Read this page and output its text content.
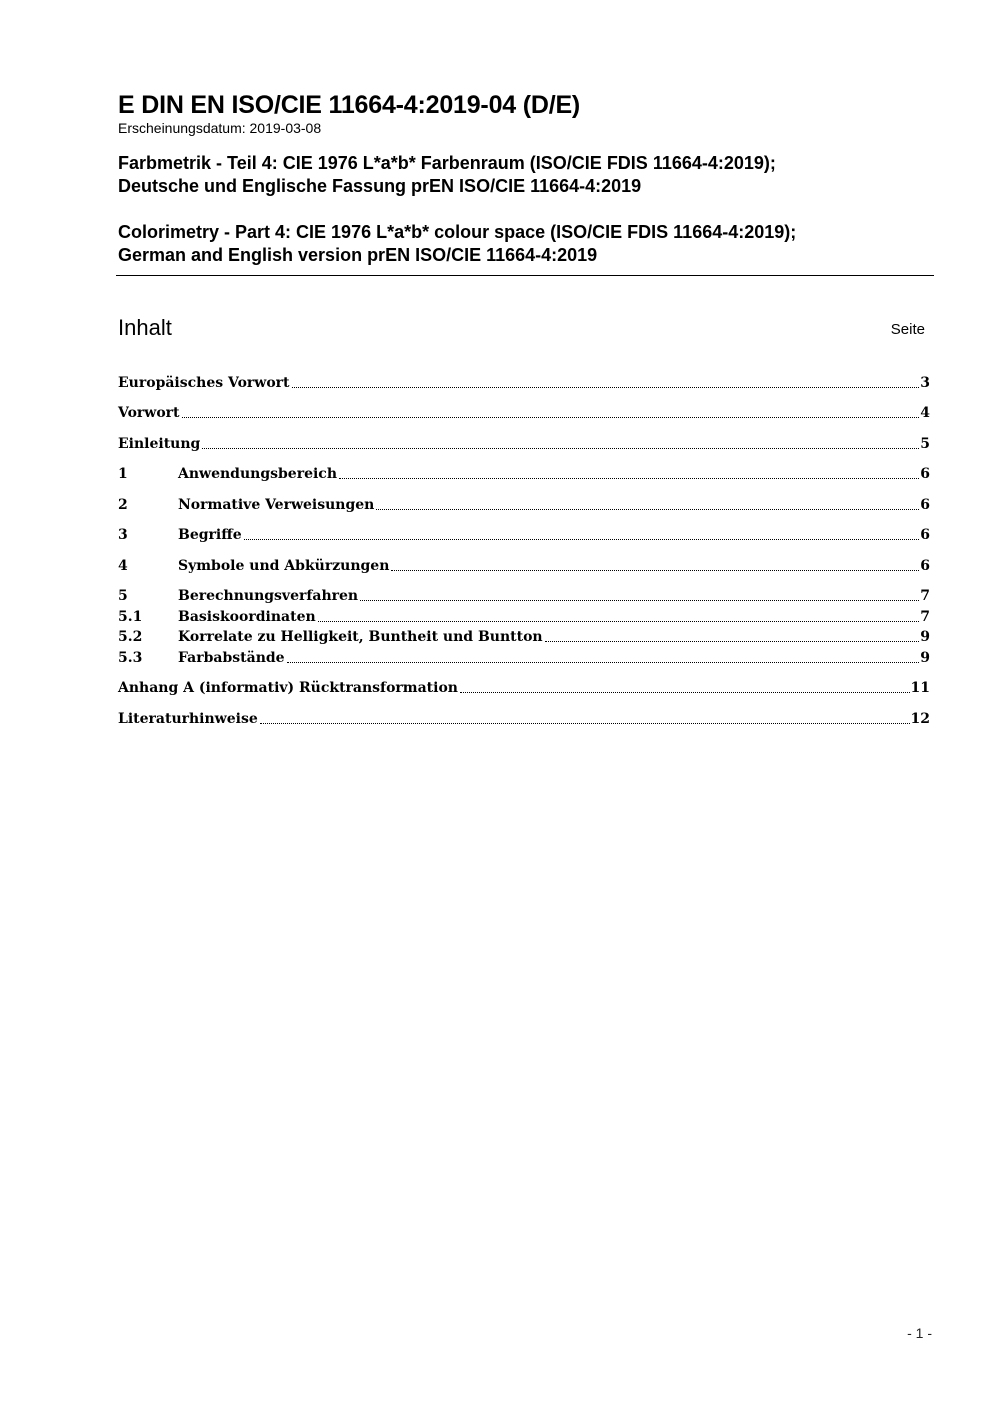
E DIN EN ISO/CIE 11664-4:2019-04 (D/E)
Erscheinungsdatum: 2019-03-08
Farbmetrik - Teil 4: CIE 1976 L*a*b* Farbenraum (ISO/CIE FDIS 11664-4:2019);
Deutsche und Englische Fassung prEN ISO/CIE 11664-4:2019
Colorimetry - Part 4: CIE 1976 L*a*b* colour space (ISO/CIE FDIS 11664-4:2019);
German and English version prEN ISO/CIE 11664-4:2019
Inhalt	Seite
Europäisches Vorwort	3
Vorwort	4
Einleitung	5
1	Anwendungsbereich	6
2	Normative Verweisungen	6
3	Begriffe	6
4	Symbole und Abkürzungen	6
5	Berechnungsverfahren	7
5.1	Basiskoordinaten	7
5.2	Korrelate zu Helligkeit, Buntheit und Buntton	9
5.3	Farbabstände	9
Anhang A (informativ) Rücktransformation	11
Literaturhinweise	12
- 1 -
